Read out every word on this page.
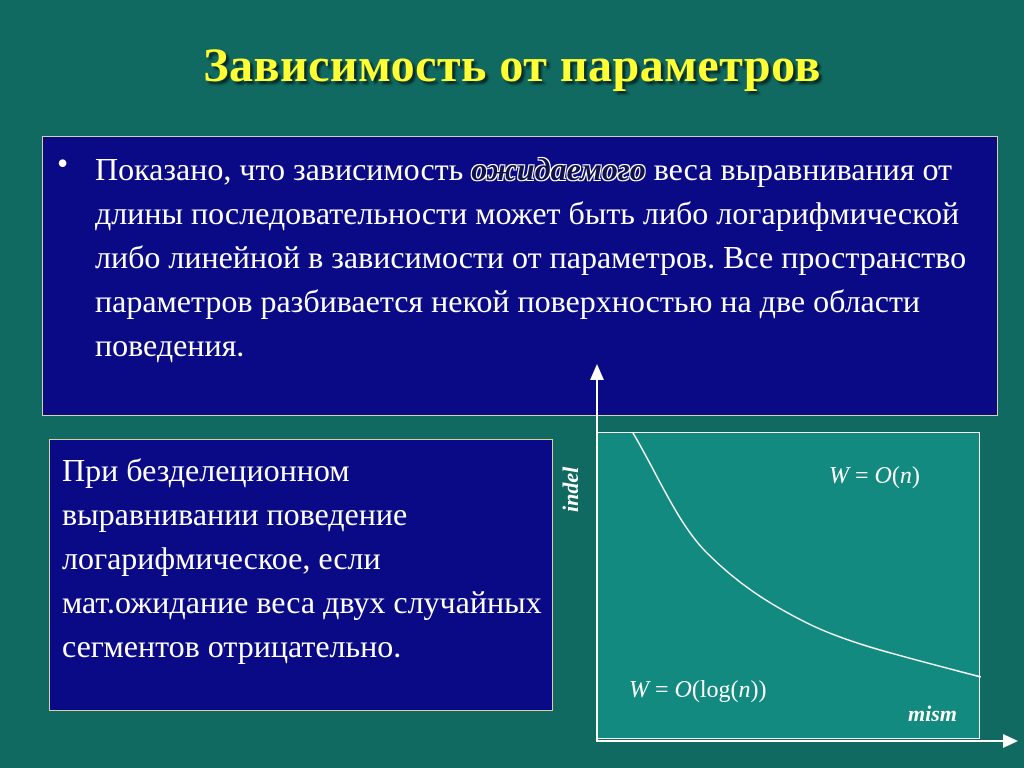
Зависимость от параметров
• Показано, что зависимость ожидаемого веса выравнивания от длины последовательности может быть либо логарифмической либо линейной в зависимости от параметров. Все пространство параметров разбивается некой поверхностью на две области поведения.
При безделеционном выравнивании поведение логарифмическое, если мат.ожидание веса двух случайных сегментов отрицательно.
W = O(n)
W = O(log(n))
mism
indel
